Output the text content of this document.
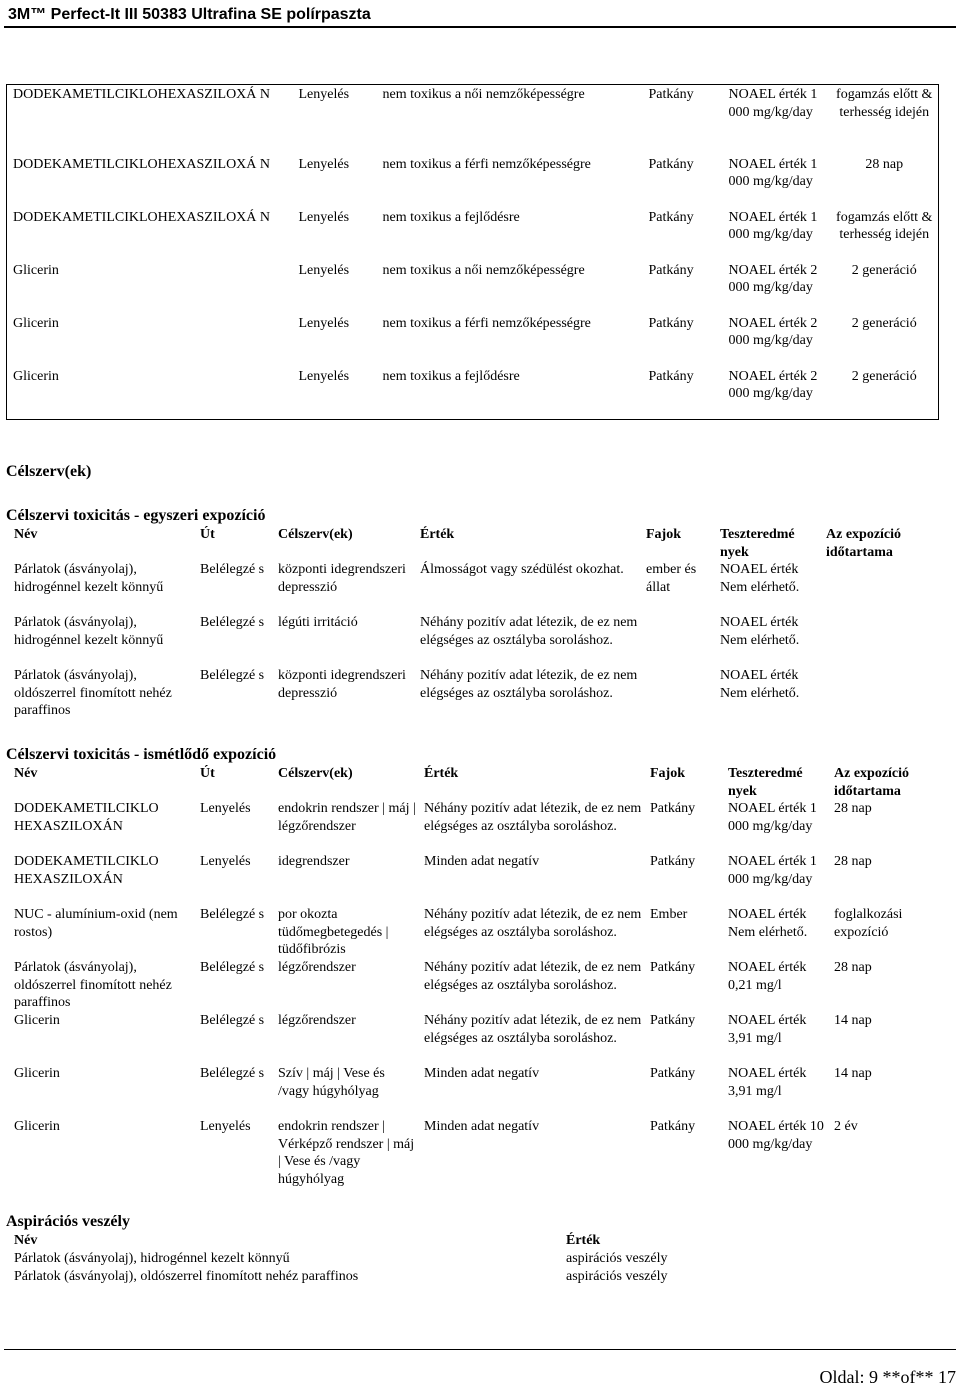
3M™ Perfect-It III 50383 Ultrafina SE polírpaszta
DODEKAMETILCIKLOHEXASZILOXÁ N	Lenyelés	nem toxikus a női nemzőképességre	Patkány	NOAEL érték 1 000 mg/kg/day	fogamzás előtt & terhesség idején
DODEKAMETILCIKLOHEXASZILOXÁ N	Lenyelés	nem toxikus a férfi nemzőképességre	Patkány	NOAEL érték 1 000 mg/kg/day	28 nap
DODEKAMETILCIKLOHEXASZILOXÁ N	Lenyelés	nem toxikus a fejlődésre	Patkány	NOAEL érték 1 000 mg/kg/day	fogamzás előtt & terhesség idején
Glicerin	Lenyelés	nem toxikus a női nemzőképességre	Patkány	NOAEL érték 2 000 mg/kg/day	2 generáció
Glicerin	Lenyelés	nem toxikus a férfi nemzőképességre	Patkány	NOAEL érték 2 000 mg/kg/day	2 generáció
Glicerin	Lenyelés	nem toxikus a fejlődésre	Patkány	NOAEL érték 2 000 mg/kg/day	2 generáció
Célszerv(ek)
Célszervi toxicitás - egyszeri expozíció
Név	Út	Célszerv(ek)	Érték	Fajok	Teszteredmé nyek	Az expozíció időtartama
Párlatok (ásványolaj), hidrogénnel kezelt könnyű	Belélegzé s	központi idegrendszeri depresszió	Álmosságot vagy szédülést okozhat.	ember és állat	NOAEL érték Nem elérhető.	
Párlatok (ásványolaj), hidrogénnel kezelt könnyű	Belélegzé s	légúti irritáció	Néhány pozitív adat létezik, de ez nem elégséges az osztályba soroláshoz.		NOAEL érték Nem elérhető.	
Párlatok (ásványolaj), oldószerrel finomított nehéz paraffinos	Belélegzé s	központi idegrendszeri depresszió	Néhány pozitív adat létezik, de ez nem elégséges az osztályba soroláshoz.		NOAEL érték Nem elérhető.	
Célszervi toxicitás - ismétlődő expozíció
Név	Út	Célszerv(ek)	Érték	Fajok	Teszteredmé nyek	Az expozíció időtartama
DODEKAMETILCIKLO HEXASZILOXÁN	Lenyelés	endokrin rendszer | máj | légzőrendszer	Néhány pozitív adat létezik, de ez nem elégséges az osztályba soroláshoz.	Patkány	NOAEL érték 1 000 mg/kg/day	28 nap
DODEKAMETILCIKLO HEXASZILOXÁN	Lenyelés	idegrendszer	Minden adat negatív	Patkány	NOAEL érték 1 000 mg/kg/day	28 nap
NUC - alumínium-oxid (nem rostos)	Belélegzé s	por okozta tüdőmegbetegedés | tüdőfibrózis	Néhány pozitív adat létezik, de ez nem elégséges az osztályba soroláshoz.	Ember	NOAEL érték Nem elérhető.	foglalkozási expozíció
Párlatok (ásványolaj), oldószerrel finomított nehéz paraffinos	Belélegzé s	légzőrendszer	Néhány pozitív adat létezik, de ez nem elégséges az osztályba soroláshoz.	Patkány	NOAEL érték 0,21 mg/l	28 nap
Glicerin	Belélegzé s	légzőrendszer	Néhány pozitív adat létezik, de ez nem elégséges az osztályba soroláshoz.	Patkány	NOAEL érték 3,91 mg/l	14 nap
Glicerin	Belélegzé s	Szív | máj | Vese és /vagy húgyhólyag	Minden adat negatív	Patkány	NOAEL érték 3,91 mg/l	14 nap
Glicerin	Lenyelés	endokrin rendszer | Vérképző rendszer | máj | Vese és /vagy húgyhólyag	Minden adat negatív	Patkány	NOAEL érték 10 000 mg/kg/day	2 év
Aspirációs veszély
Név	Érték
Párlatok (ásványolaj), hidrogénnel kezelt könnyű	aspirációs veszély
Párlatok (ásványolaj), oldószerrel finomított nehéz paraffinos	aspirációs veszély
Oldal: 9 **of** 17
